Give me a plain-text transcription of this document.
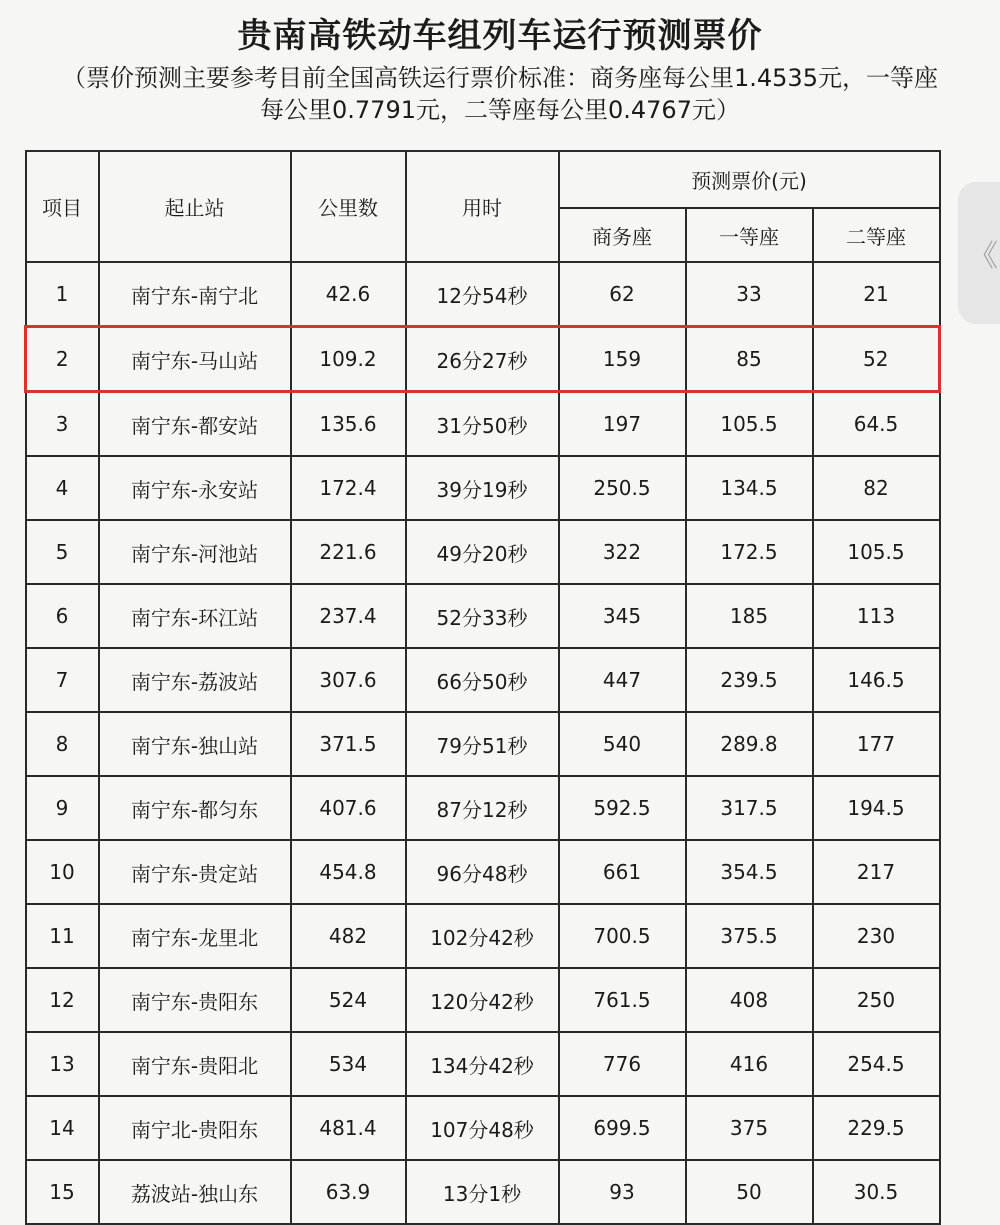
贵南高铁动车组列车运行预测票价
（票价预测主要参考目前全国高铁运行票价标准：商务座每公里1.4535元，一等座每公里0.7791元，二等座每公里0.4767元）
项目	起止站	公里数	用时	预测票价(元)		
				商务座	一等座	二等座
1	南宁东-南宁北	42.6	12分54秒	62	33	21
2	南宁东-马山站	109.2	26分27秒	159	85	52
3	南宁东-都安站	135.6	31分50秒	197	105.5	64.5
4	南宁东-永安站	172.4	39分19秒	250.5	134.5	82
5	南宁东-河池站	221.6	49分20秒	322	172.5	105.5
6	南宁东-环江站	237.4	52分33秒	345	185	113
7	南宁东-荔波站	307.6	66分50秒	447	239.5	146.5
8	南宁东-独山站	371.5	79分51秒	540	289.8	177
9	南宁东-都匀东	407.6	87分12秒	592.5	317.5	194.5
10	南宁东-贵定站	454.8	96分48秒	661	354.5	217
11	南宁东-龙里北	482	102分42秒	700.5	375.5	230
12	南宁东-贵阳东	524	120分42秒	761.5	408	250
13	南宁东-贵阳北	534	134分42秒	776	416	254.5
14	南宁北-贵阳东	481.4	107分48秒	699.5	375	229.5
15	荔波站-独山东	63.9	13分1秒	93	50	30.5
《
